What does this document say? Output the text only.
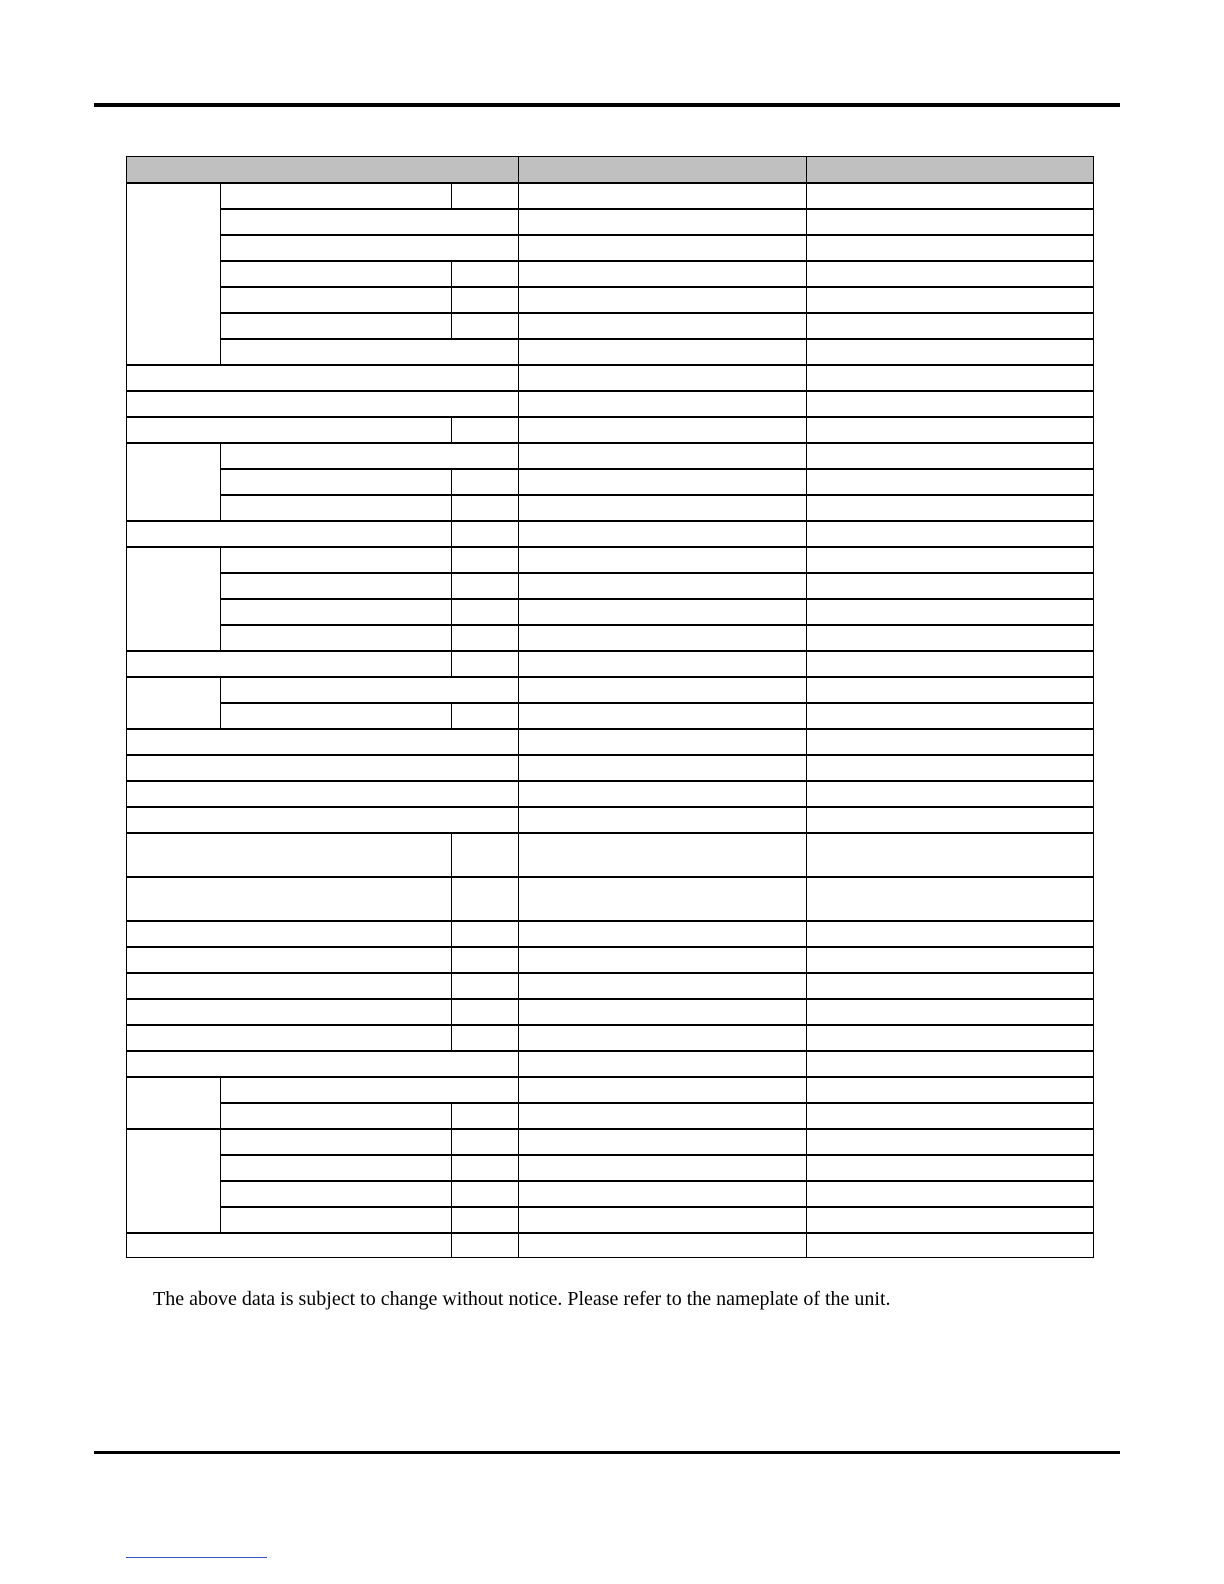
The above data is subject to change without notice. Please refer to the nameplate of the unit.
